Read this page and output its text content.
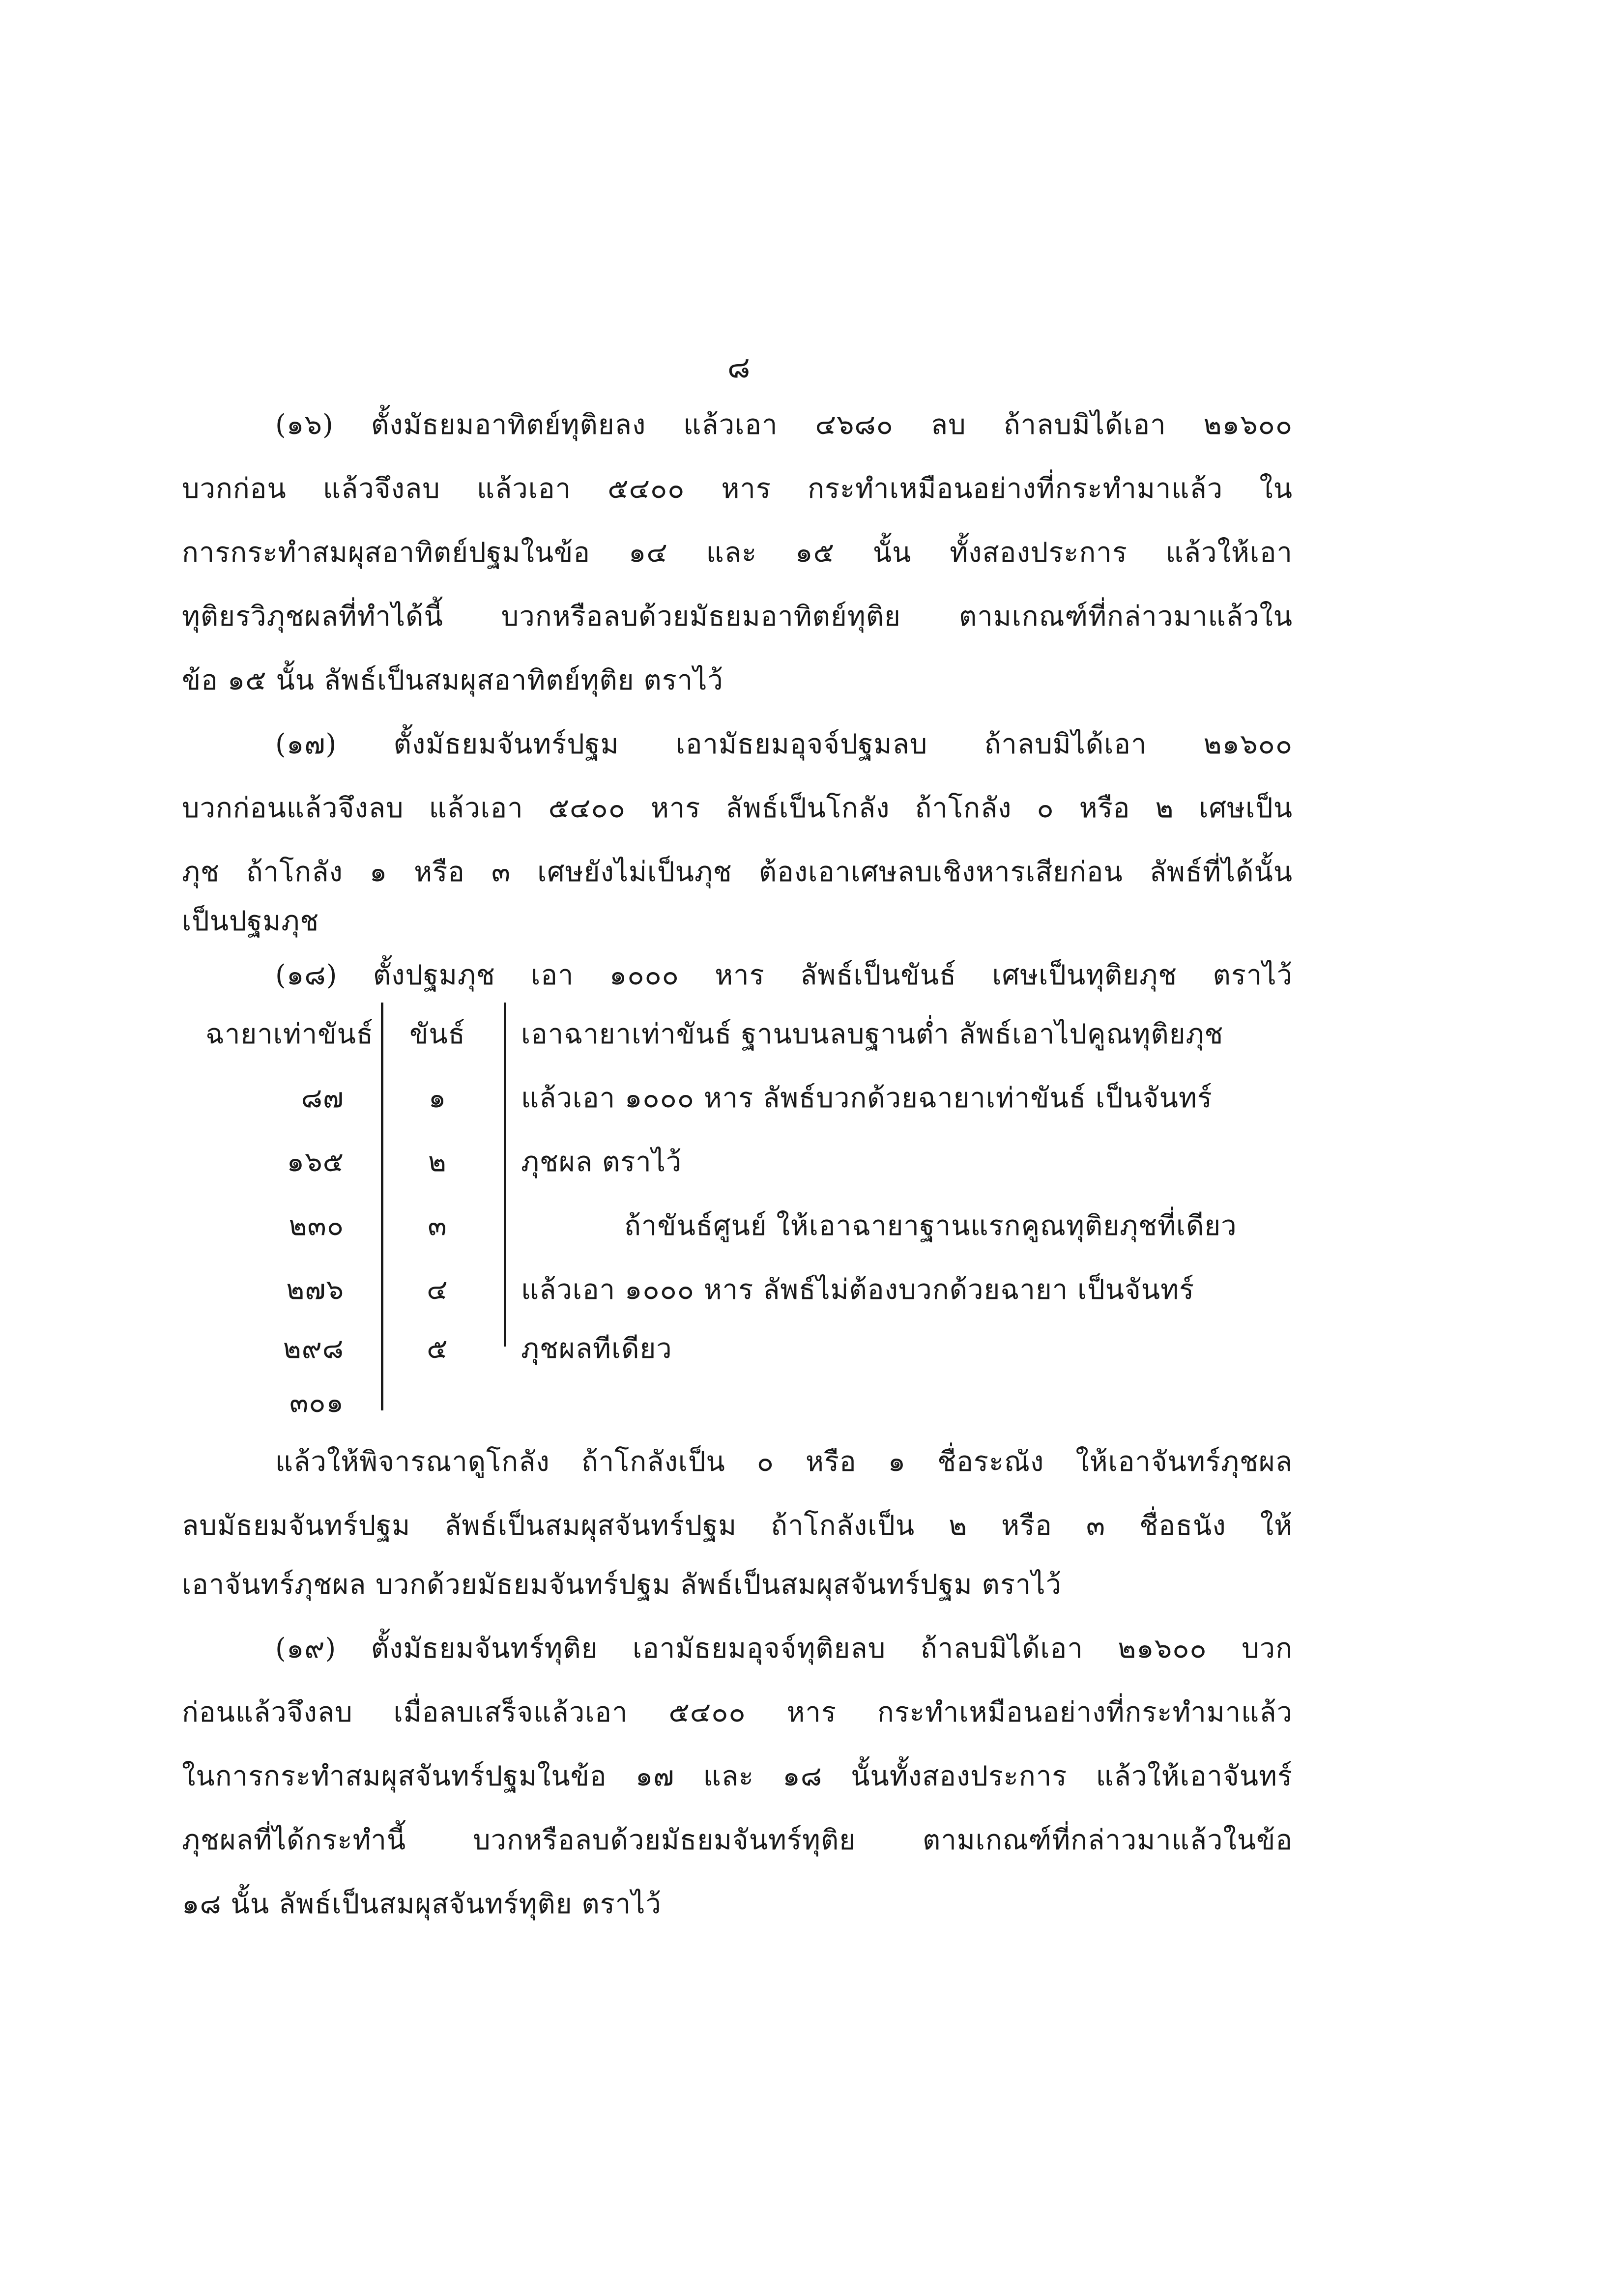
๘
(๑๖) ตั้งมัธยมอาทิตย์ทุติยลง แล้วเอา ๔๖๘๐ ลบ ถ้าลบมิได้เอา ๒๑๖๐๐
บวกก่อน แล้วจึงลบ แล้วเอา ๕๔๐๐ หาร กระทำเหมือนอย่างที่กระทำมาแล้ว ใน
การกระทำสมผุสอาทิตย์ปฐมในข้อ ๑๔ และ ๑๕ นั้น ทั้งสองประการ แล้วให้เอา
ทุติยรวิภุชผลที่ทำได้นี้ บวกหรือลบด้วยมัธยมอาทิตย์ทุติย ตามเกณฑ์ที่กล่าวมาแล้วใน
ข้อ ๑๕ นั้น ลัพธ์เป็นสมผุสอาทิตย์ทุติย ตราไว้
(๑๗) ตั้งมัธยมจันทร์ปฐม เอามัธยมอุจจ์ปฐมลบ ถ้าลบมิได้เอา ๒๑๖๐๐
บวกก่อนแล้วจึงลบ แล้วเอา ๕๔๐๐ หาร ลัพธ์เป็นโกลัง ถ้าโกลัง ๐ หรือ ๒ เศษเป็น
ภุช ถ้าโกลัง ๑ หรือ ๓ เศษยังไม่เป็นภุช ต้องเอาเศษลบเชิงหารเสียก่อน ลัพธ์ที่ได้นั้น
เป็นปฐมภุช
(๑๘) ตั้งปฐมภุช เอา ๑๐๐๐ หาร ลัพธ์เป็นขันธ์ เศษเป็นทุติยภุช ตราไว้
ฉายาเท่าขันธ์	ขันธ์	เอาฉายาเท่าขันธ์ ฐานบนลบฐานต่ำ ลัพธ์เอาไปคูณทุติยภุช
๘๗	๑	แล้วเอา ๑๐๐๐ หาร ลัพธ์บวกด้วยฉายาเท่าขันธ์ เป็นจันทร์
๑๖๕	๒	ภุชผล ตราไว้
๒๓๐	๓	ถ้าขันธ์ศูนย์ ให้เอาฉายาฐานแรกคูณทุติยภุชที่เดียว
๒๗๖	๔	แล้วเอา ๑๐๐๐ หาร ลัพธ์ไม่ต้องบวกด้วยฉายา เป็นจันทร์
๒๙๘	๕	ภุชผลทีเดียว
๓๐๑
แล้วให้พิจารณาดูโกลัง ถ้าโกลังเป็น ๐ หรือ ๑ ชื่อระณัง ให้เอาจันทร์ภุชผล
ลบมัธยมจันทร์ปฐม ลัพธ์เป็นสมผุสจันทร์ปฐม ถ้าโกลังเป็น ๒ หรือ ๓ ชื่อธนัง ให้
เอาจันทร์ภุชผล บวกด้วยมัธยมจันทร์ปฐม ลัพธ์เป็นสมผุสจันทร์ปฐม ตราไว้
(๑๙) ตั้งมัธยมจันทร์ทุติย เอามัธยมอุจจ์ทุติยลบ ถ้าลบมิได้เอา ๒๑๖๐๐ บวก
ก่อนแล้วจึงลบ เมื่อลบเสร็จแล้วเอา ๕๔๐๐ หาร กระทำเหมือนอย่างที่กระทำมาแล้ว
ในการกระทำสมผุสจันทร์ปฐมในข้อ ๑๗ และ ๑๘ นั้นทั้งสองประการ แล้วให้เอาจันทร์
ภุชผลที่ได้กระทำนี้ บวกหรือลบด้วยมัธยมจันทร์ทุติย ตามเกณฑ์ที่กล่าวมาแล้วในข้อ
๑๘ นั้น ลัพธ์เป็นสมผุสจันทร์ทุติย ตราไว้
